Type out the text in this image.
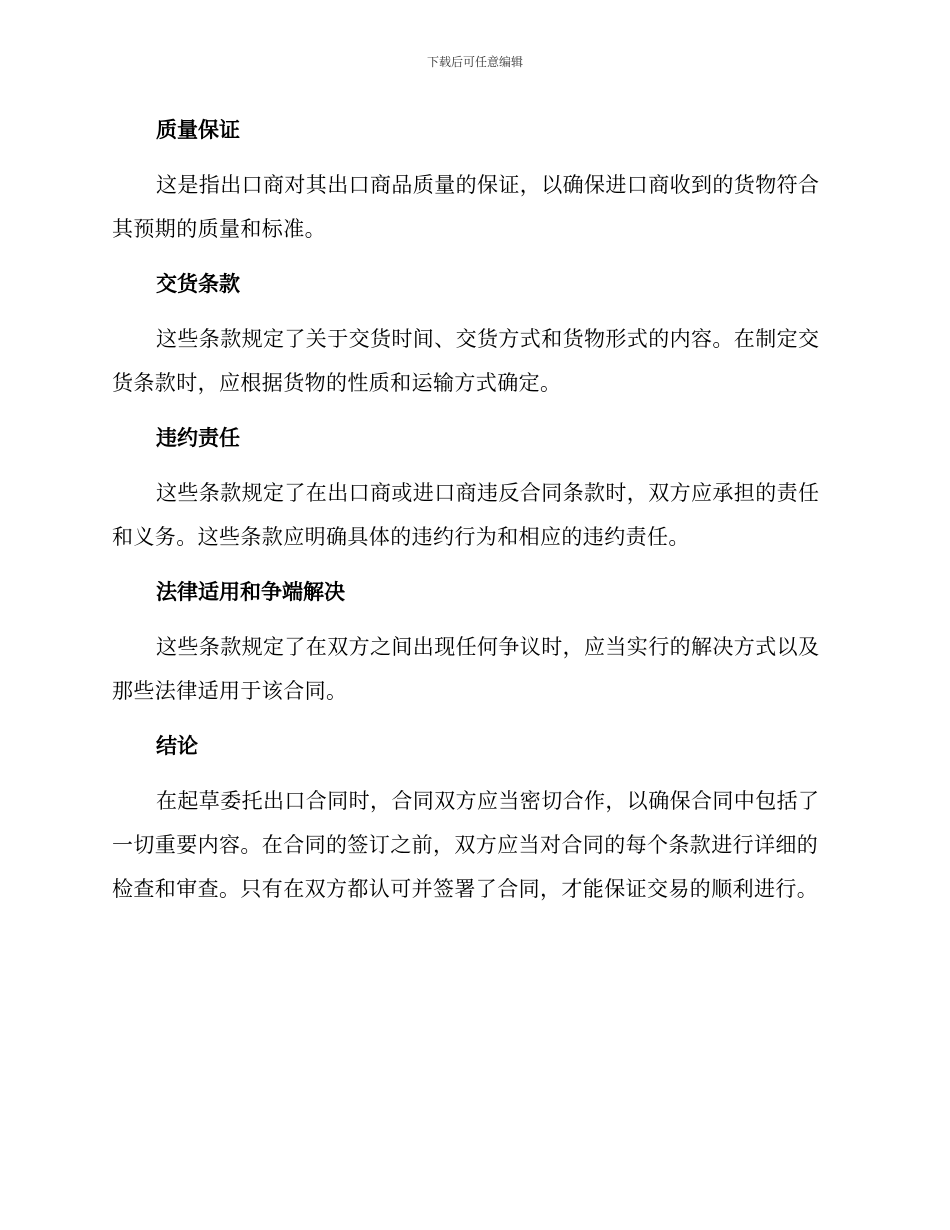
下载后可任意编辑
质量保证

这是指出口商对其出口商品质量的保证，以确保进口商收到的货物符合其预期的质量和标准。

交货条款

这些条款规定了关于交货时间、交货方式和货物形式的内容。在制定交货条款时，应根据货物的性质和运输方式确定。

违约责任

这些条款规定了在出口商或进口商违反合同条款时，双方应承担的责任和义务。这些条款应明确具体的违约行为和相应的违约责任。

法律适用和争端解决

这些条款规定了在双方之间出现任何争议时，应当实行的解决方式以及那些法律适用于该合同。

结论

在起草委托出口合同时，合同双方应当密切合作，以确保合同中包括了一切重要内容。在合同的签订之前，双方应当对合同的每个条款进行详细的检查和审查。只有在双方都认可并签署了合同，才能保证交易的顺利进行。
